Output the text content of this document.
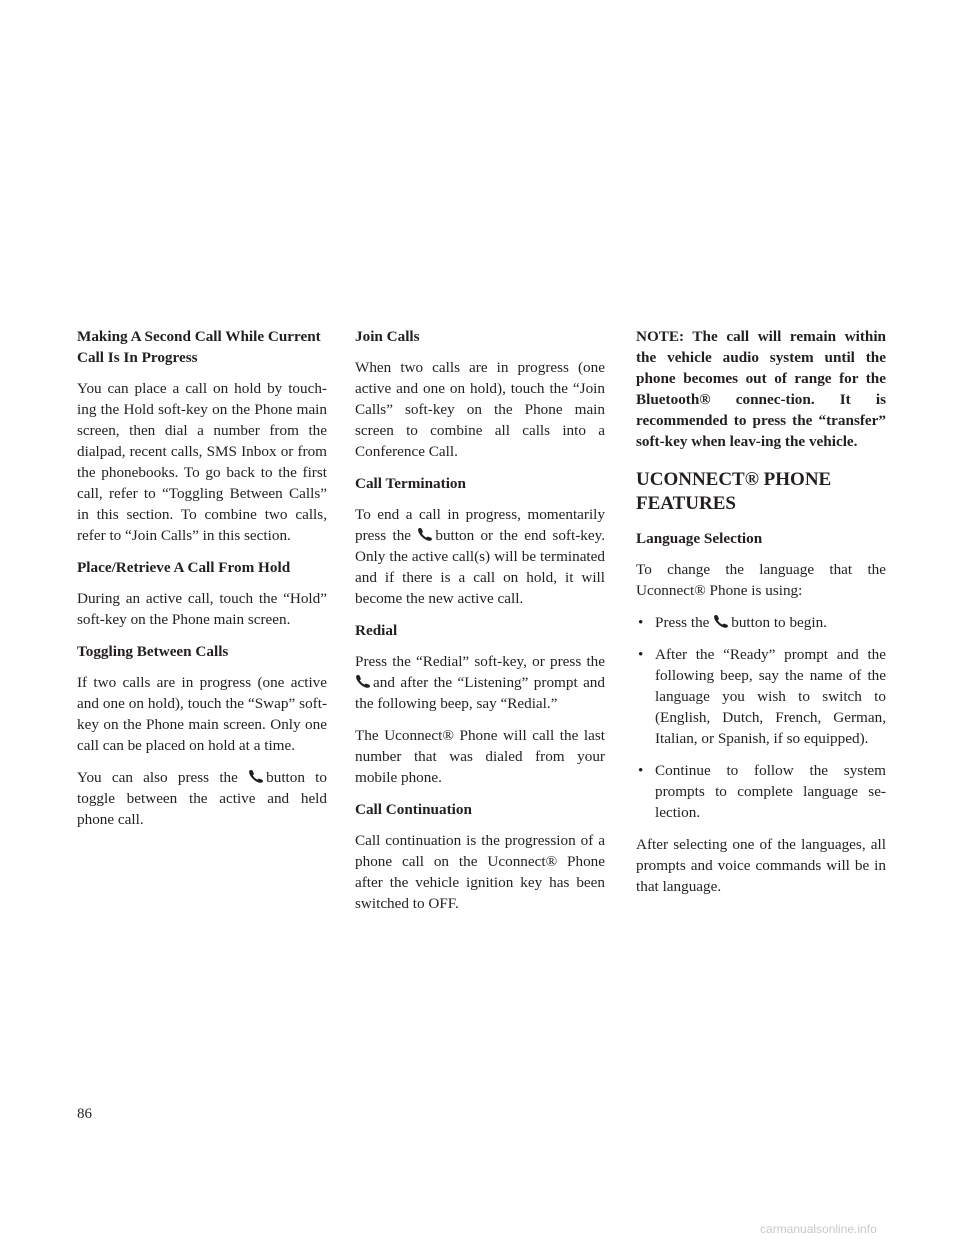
Making A Second Call While Current Call Is In Progress
You can place a call on hold by touch-ing the Hold soft-key on the Phone main screen, then dial a number from the dialpad, recent calls, SMS Inbox or from the phonebooks. To go back to the first call, refer to “Toggling Between Calls” in this section. To combine two calls, refer to “Join Calls” in this section.
Place/Retrieve A Call From Hold
During an active call, touch the “Hold” soft-key on the Phone main screen.
Toggling Between Calls
If two calls are in progress (one active and one on hold), touch the “Swap” soft-key on the Phone main screen. Only one call can be placed on hold at a time.
You can also press the button to toggle between the active and held phone call.
Join Calls
When two calls are in progress (one active and one on hold), touch the “Join Calls” soft-key on the Phone main screen to combine all calls into a Conference Call.
Call Termination
To end a call in progress, momentarily press the button or the end soft-key. Only the active call(s) will be terminated and if there is a call on hold, it will become the new active call.
Redial
Press the “Redial” soft-key, or press the
and after the “Listening” prompt and the following beep, say “Redial.”
The Uconnect® Phone will call the last number that was dialed from your mobile phone.
Call Continuation
Call continuation is the progression of a phone call on the Uconnect® Phone after the vehicle ignition key has been switched to OFF.
NOTE: The call will remain within the vehicle audio system until the phone becomes out of range for the Bluetooth® connec-tion. It is recommended to press the “transfer” soft-key when leav-ing the vehicle.
UCONNECT® PHONE FEATURES
Language Selection
To change the language that the Uconnect® Phone is using:
• Press the button to begin.
• After the “Ready” prompt and the following beep, say the name of the language you wish to switch to (English, Dutch, French, German, Italian, or Spanish, if so equipped).
• Continue to follow the system prompts to complete language se-lection.
After selecting one of the languages, all prompts and voice commands will be in that language.
86
carmanualsonline.info
